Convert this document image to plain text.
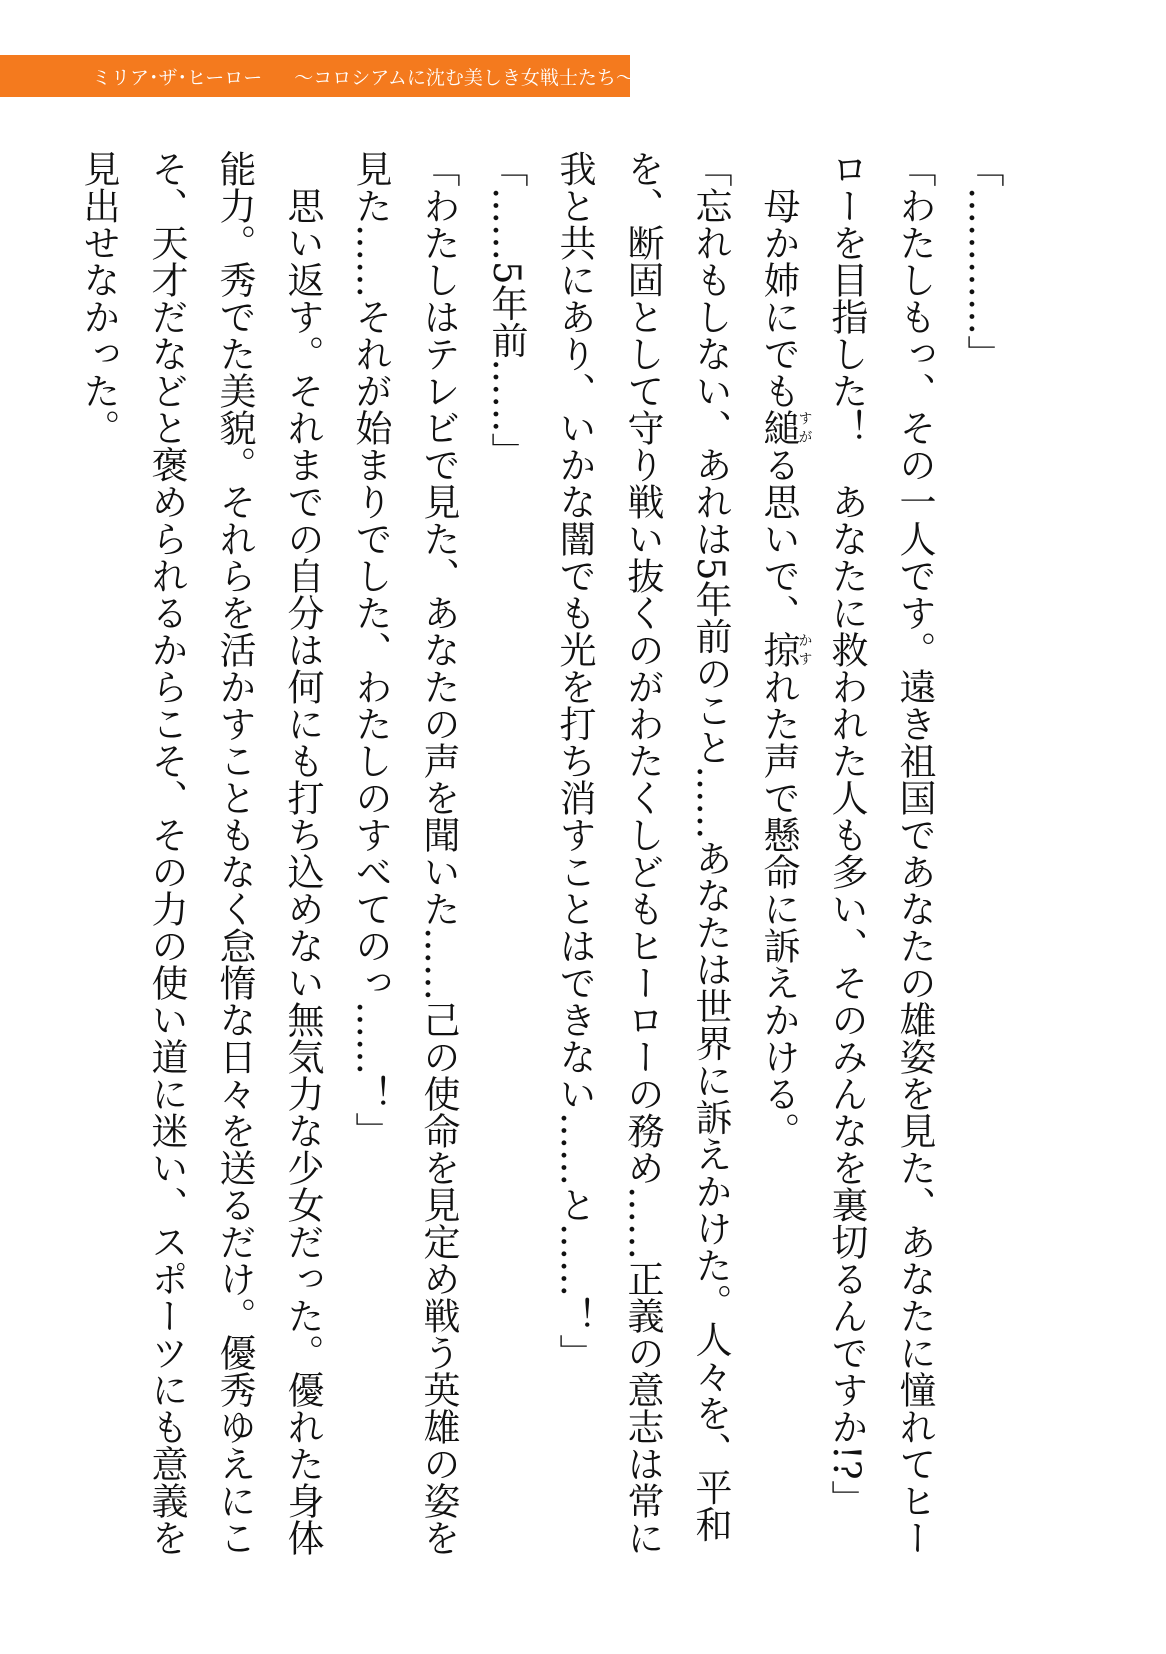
ミリア･ザ･ヒーロー ～コロシアムに沈む美しき女戦士たち～

「…………」

「わたしもっ、その一人です。遠き祖国であなたの雄姿を見た、あなたに憧れてヒーローを目指した！　あなたに救われた人も多い、そのみんなを裏切るんですか!?」

母か姉にでも縋すがる思いで、掠かすれた声で懸命に訴えかける。

「忘れもしない、あれは5年前のこと……あなたは世界に訴えかけた。人々を、平和を、断固として守り戦い抜くのがわたくしどもヒーローの務め……正義の意志は常に我と共にあり、いかな闇でも光を打ち消すことはできない……と……！」

「……5年前……」

「わたしはテレビで見た、あなたの声を聞いた……己の使命を見定め戦う英雄の姿を見た……それが始まりでした、わたしのすべてのっ……！」

思い返す。それまでの自分は何にも打ち込めない無気力な少女だった。優れた身体能力。秀でた美貌。それらを活かすこともなく怠惰な日々を送るだけ。優秀ゆえにこそ、天才だなどと褒められるからこそ、その力の使い道に迷い、スポーツにも意義を見出せなかった。
